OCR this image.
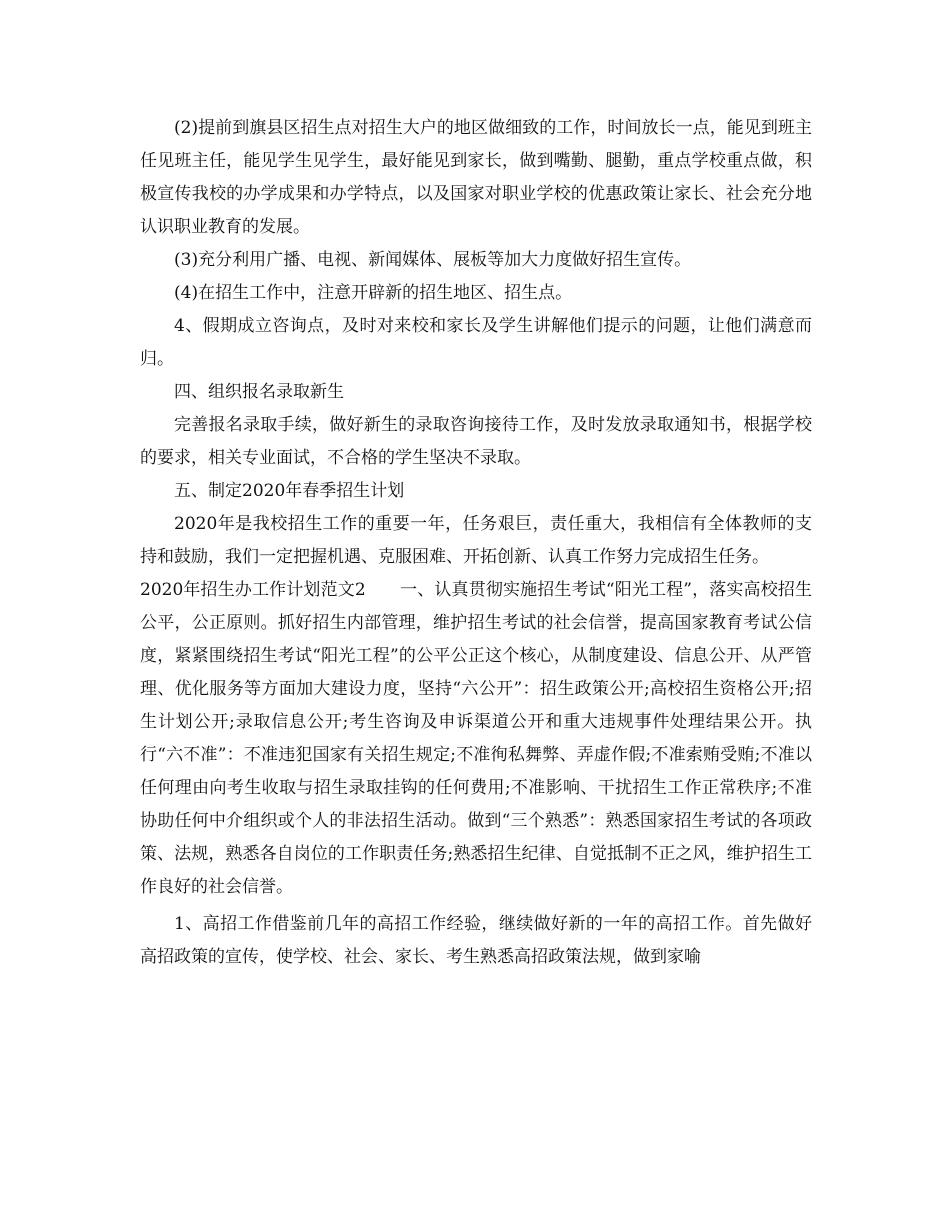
(2)提前到旗县区招生点对招生大户的地区做细致的工作，时间放长一点，能见到班主任见班主任，能见学生见学生，最好能见到家长，做到嘴勤、腿勤，重点学校重点做，积极宣传我校的办学成果和办学特点，以及国家对职业学校的优惠政策让家长、社会充分地认识职业教育的发展。

(3)充分利用广播、电视、新闻媒体、展板等加大力度做好招生宣传。

(4)在招生工作中，注意开辟新的招生地区、招生点。

4、假期成立咨询点，及时对来校和家长及学生讲解他们提示的问题，让他们满意而归。

四、组织报名录取新生

完善报名录取手续，做好新生的录取咨询接待工作，及时发放录取通知书，根据学校的要求，相关专业面试，不合格的学生坚决不录取。

五、制定2020年春季招生计划

2020年是我校招生工作的重要一年，任务艰巨，责任重大，我相信有全体教师的支持和鼓励，我们一定把握机遇、克服困难、开拓创新、认真工作努力完成招生任务。

2020年招生办工作计划范文2　　一、认真贯彻实施招生考试“阳光工程”，落实高校招生公平，公正原则。抓好招生内部管理，维护招生考试的社会信誉，提高国家教育考试公信度，紧紧围绕招生考试“阳光工程”的公平公正这个核心，从制度建设、信息公开、从严管理、优化服务等方面加大建设力度，坚持“六公开”：招生政策公开;高校招生资格公开;招生计划公开;录取信息公开;考生咨询及申诉渠道公开和重大违规事件处理结果公开。执行“六不准”：不准违犯国家有关招生规定;不准徇私舞弊、弄虚作假;不准索贿受贿;不准以任何理由向考生收取与招生录取挂钩的任何费用;不准影响、干扰招生工作正常秩序;不准协助任何中介组织或个人的非法招生活动。做到“三个熟悉”：熟悉国家招生考试的各项政策、法规，熟悉各自岗位的工作职责任务;熟悉招生纪律、自觉抵制不正之风，维护招生工作良好的社会信誉。

1、高招工作借鉴前几年的高招工作经验，继续做好新的一年的高招工作。首先做好高招政策的宣传，使学校、社会、家长、考生熟悉高招政策法规，做到家喻
